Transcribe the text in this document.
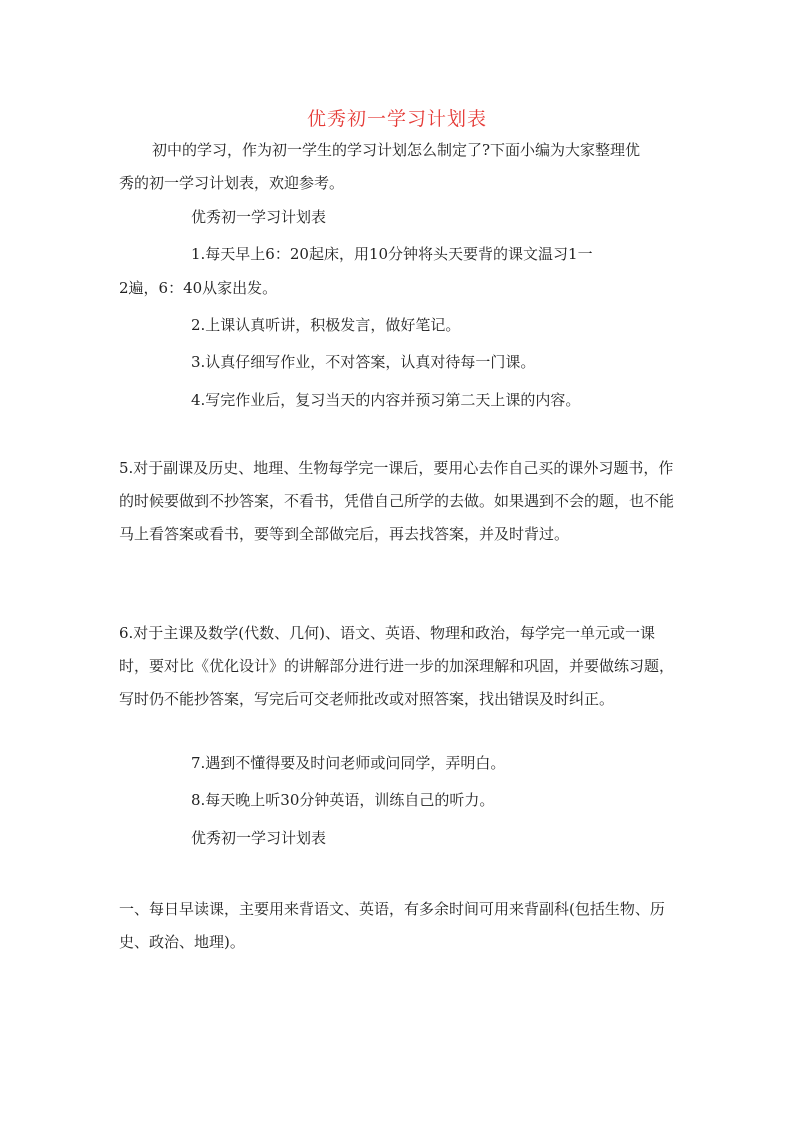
优秀初一学习计划表
初中的学习，作为初一学生的学习计划怎么制定了?下面小编为大家整理优
秀的初一学习计划表，欢迎参考。
优秀初一学习计划表
1.每天早上6：20起床，用10分钟将头天要背的课文温习1一
2遍，6：40从家出发。
2.上课认真听讲，积极发言，做好笔记。
3.认真仔细写作业，不对答案，认真对待每一门课。
4.写完作业后，复习当天的内容并预习第二天上课的内容。
5.对于副课及历史、地理、生物每学完一课后，要用心去作自己买的课外习题书，作的时候要做到不抄答案，不看书，凭借自己所学的去做。如果遇到不会的题，也不能马上看答案或看书，要等到全部做完后，再去找答案，并及时背过。
6.对于主课及数学(代数、几何)、语文、英语、物理和政治，每学完一单元或一课时，要对比《优化设计》的讲解部分进行进一步的加深理解和巩固，并要做练习题，写时仍不能抄答案，写完后可交老师批改或对照答案，找出错误及时纠正。
7.遇到不懂得要及时问老师或问同学，弄明白。
8.每天晚上听30分钟英语，训练自己的听力。
优秀初一学习计划表
一、每日早读课，主要用来背语文、英语，有多余时间可用来背副科(包括生物、历史、政治、地理)。
